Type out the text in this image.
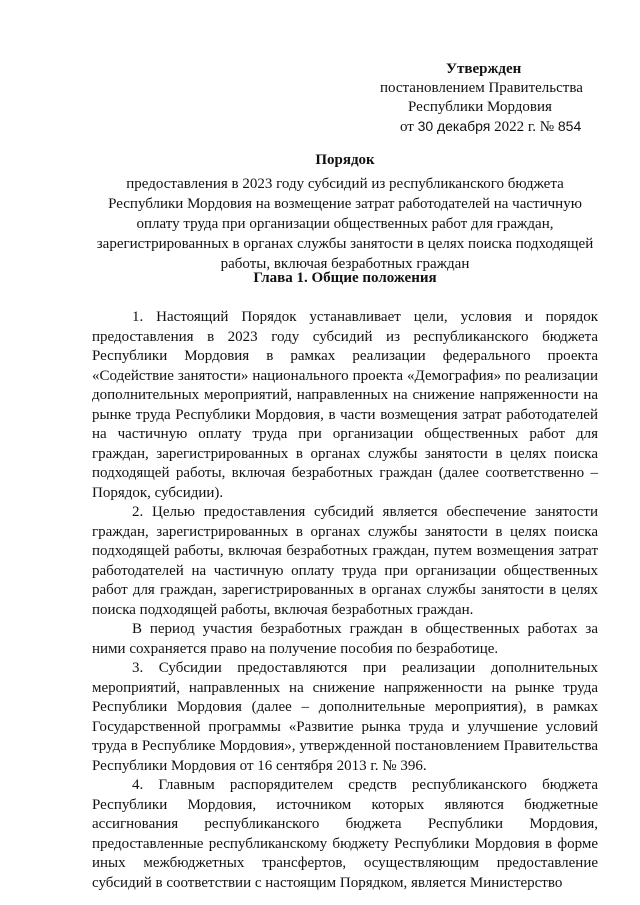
Утвержден
постановлением Правительства
Республики Мордовия
от 30 декабря 2022 г. № 854
Порядок
предоставления в 2023 году субсидий из республиканского бюджета Республики Мордовия на возмещение затрат работодателей на частичную оплату труда при организации общественных работ для граждан, зарегистрированных в органах службы занятости в целях поиска подходящей работы, включая безработных граждан
Глава 1. Общие положения

1. Настоящий Порядок устанавливает цели, условия и порядок предоставления в 2023 году субсидий из республиканского бюджета Республики Мордовия в рамках реализации федерального проекта «Содействие занятости» национального проекта «Демография» по реализации дополнительных мероприятий, направленных на снижение напряженности на рынке труда Республики Мордовия, в части возмещения затрат работодателей на частичную оплату труда при организации общественных работ для граждан, зарегистрированных в органах службы занятости в целях поиска подходящей работы, включая безработных граждан (далее соответственно – Порядок, субсидии).

2. Целью предоставления субсидий является обеспечение занятости граждан, зарегистрированных в органах службы занятости в целях поиска подходящей работы, включая безработных граждан, путем возмещения затрат работодателей на частичную оплату труда при организации общественных работ для граждан, зарегистрированных в органах службы занятости в целях поиска подходящей работы, включая безработных граждан.

В период участия безработных граждан в общественных работах за ними сохраняется право на получение пособия по безработице.

3. Субсидии предоставляются при реализации дополнительных мероприятий, направленных на снижение напряженности на рынке труда Республики Мордовия (далее – дополнительные мероприятия), в рамках Государственной программы «Развитие рынка труда и улучшение условий труда в Республике Мордовия», утвержденной постановлением Правительства Республики Мордовия от 16 сентября 2013 г. № 396.

4. Главным распорядителем средств республиканского бюджета Республики Мордовия, источником которых являются бюджетные ассигнования республиканского бюджета Республики Мордовия, предоставленные республиканскому бюджету Республики Мордовия в форме иных межбюджетных трансфертов, осуществляющим предоставление субсидий в соответствии с настоящим Порядком, является Министерство
